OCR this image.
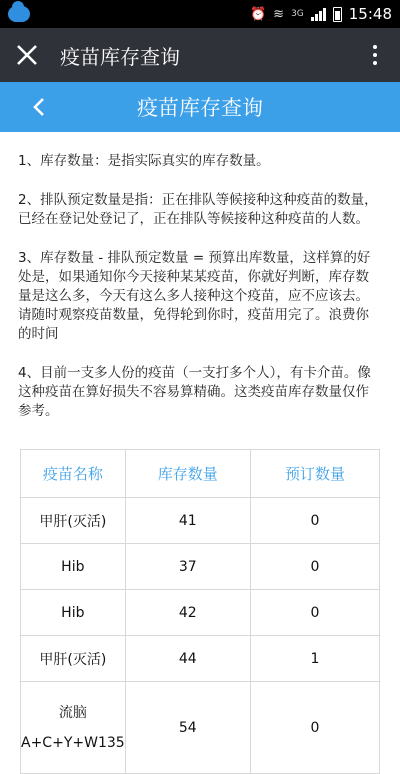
⏰ ≋ 3G	15:48
疫苗库存查询
疫苗库存查询

1、库存数量：是指实际真实的库存数量。

2、排队预定数量是指：正在排队等候接种这种疫苗的数量，已经在登记处登记了，正在排队等候接种这种疫苗的人数。

3、库存数量 - 排队预定数量 = 预算出库数量，这样算的好处是，如果通知你今天接种某某疫苗，你就好判断，库存数量是这么多，今天有这么多人接种这个疫苗，应不应该去。请随时观察疫苗数量，免得轮到你时，疫苗用完了。浪费你的时间

4、目前一支多人份的疫苗（一支打多个人），有卡介苗。像这种疫苗在算好损失不容易算精确。这类疫苗库存数量仅作参考。

疫苗名称	库存数量	预订数量
甲肝(灭活)	41	0
Hib	37	0
Hib	42	0
甲肝(灭活)	44	1
流脑
A+C+Y+W135	54	0
